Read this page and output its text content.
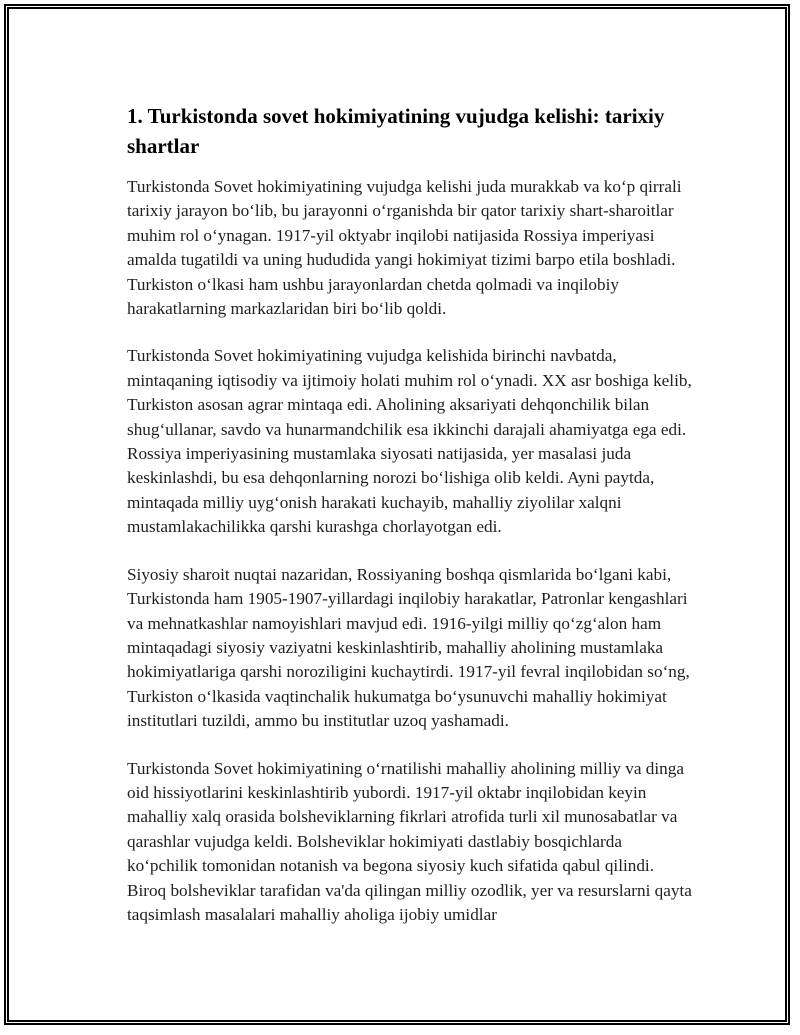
1. Turkistonda sovet hokimiyatining vujudga kelishi: tarixiy shartlar

Turkistonda Sovet hokimiyatining vujudga kelishi juda murakkab va koʻp qirrali tarixiy jarayon boʻlib, bu jarayonni oʻrganishda bir qator tarixiy shart-sharoitlar muhim rol oʻynagan. 1917-yil oktyabr inqilobi natijasida Rossiya imperiyasi amalda tugatildi va uning hududida yangi hokimiyat tizimi barpo etila boshladi. Turkiston oʻlkasi ham ushbu jarayonlardan chetda qolmadi va inqilobiy harakatlarning markazlaridan biri boʻlib qoldi.

Turkistonda Sovet hokimiyatining vujudga kelishida birinchi navbatda, mintaqaning iqtisodiy va ijtimoiy holati muhim rol oʻynadi. XX asr boshiga kelib, Turkiston asosan agrar mintaqa edi. Aholining aksariyati dehqonchilik bilan shugʻullanar, savdo va hunarmandchilik esa ikkinchi darajali ahamiyatga ega edi. Rossiya imperiyasining mustamlaka siyosati natijasida, yer masalasi juda keskinlashdi, bu esa dehqonlarning norozi boʻlishiga olib keldi. Ayni paytda, mintaqada milliy uygʻonish harakati kuchayib, mahalliy ziyolilar xalqni mustamlakachilikka qarshi kurashga chorlayotgan edi.

Siyosiy sharoit nuqtai nazaridan, Rossiyaning boshqa qismlarida boʻlgani kabi, Turkistonda ham 1905-1907-yillardagi inqilobiy harakatlar, Patronlar kengashlari va mehnatkashlar namoyishlari mavjud edi. 1916-yilgi milliy qoʻzgʻalon ham mintaqadagi siyosiy vaziyatni keskinlashtirib, mahalliy aholining mustamlaka hokimiyatlariga qarshi noroziligini kuchaytirdi. 1917-yil fevral inqilobidan soʻng, Turkiston oʻlkasida vaqtinchalik hukumatga boʻysunuvchi mahalliy hokimiyat institutlari tuzildi, ammo bu institutlar uzoq yashamadi.

Turkistonda Sovet hokimiyatining oʻrnatilishi mahalliy aholining milliy va dinga oid hissiyotlarini keskinlashtirib yubordi. 1917-yil oktabr inqilobidan keyin mahalliy xalq orasida bolsheviklarning fikrlari atrofida turli xil munosabatlar va qarashlar vujudga keldi. Bolsheviklar hokimiyati dastlabiy bosqichlarda koʻpchilik tomonidan notanish va begona siyosiy kuch sifatida qabul qilindi. Biroq bolsheviklar tarafidan va'da qilingan milliy ozodlik, yer va resurslarni qayta taqsimlash masalalari mahalliy aholiga ijobiy umidlar
